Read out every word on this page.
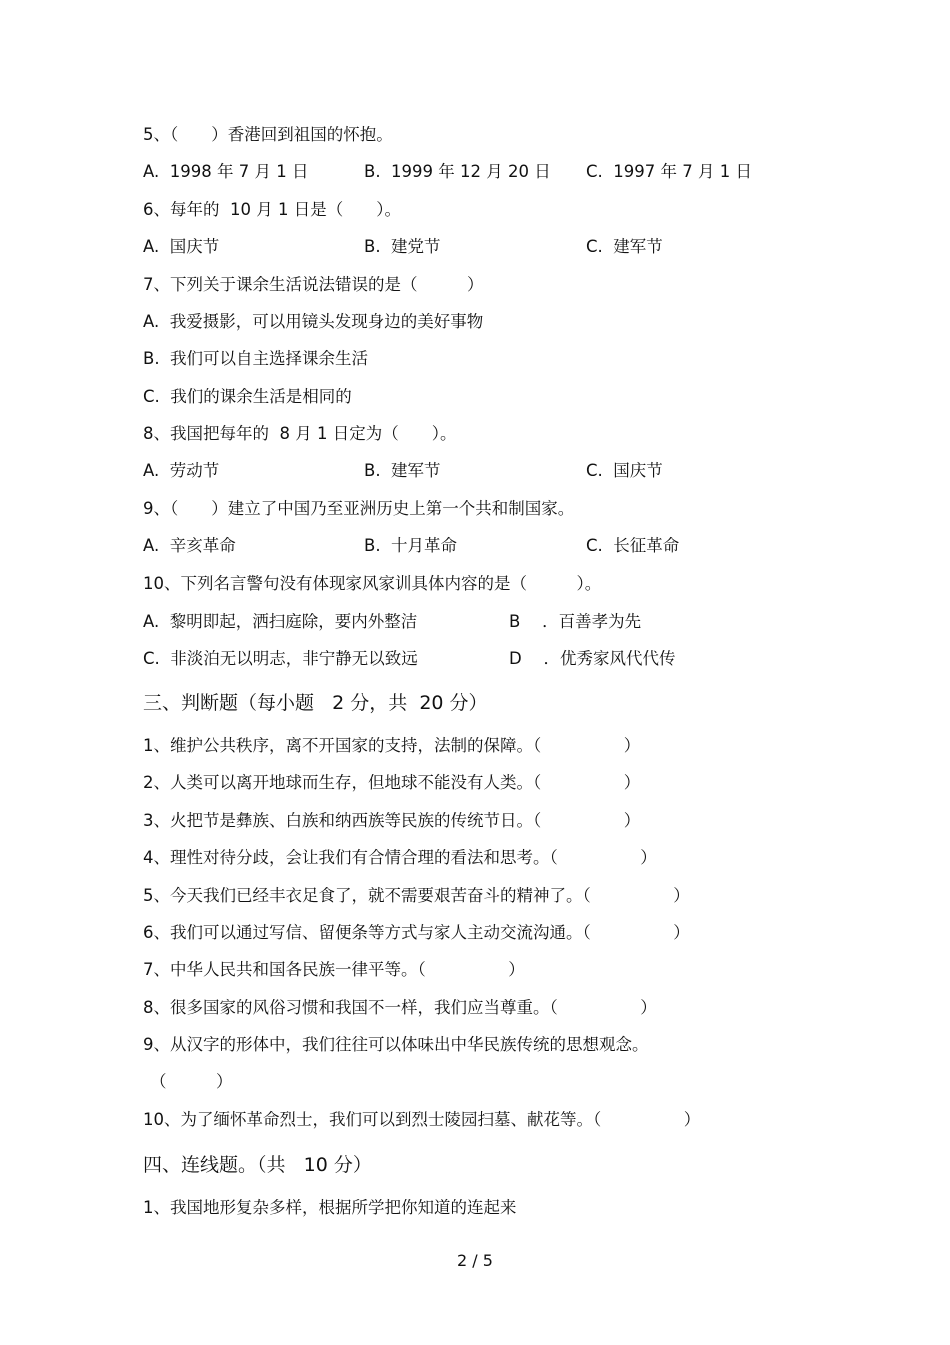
5、（　　）香港回到祖国的怀抱。
A.  1998 年 7 月 1 日	B.  1999 年 12 月 20 日 C.  1997 年 7 月 1 日
6、每年的  10 月 1 日是（　　）。
A.  国庆节	B.  建党节	C.  建军节
7、下列关于课余生活说法错误的是（　　　）
A.  我爱摄影，可以用镜头发现身边的美好事物
B.  我们可以自主选择课余生活
C.  我们的课余生活是相同的
8、我国把每年的  8 月 1 日定为（　　）。
A.  劳动节	B.  建军节	C.  国庆节
9、（　　）建立了中国乃至亚洲历史上第一个共和制国家。
A.  辛亥革命	B.  十月革命	C.  长征革命
10、下列名言警句没有体现家风家训具体内容的是（　　　）。
A.  黎明即起，洒扫庭除，要内外整洁	B　 ．百善孝为先
C.  非淡泊无以明志，非宁静无以致远	D　 ．优秀家风代代传
三、判断题（每小题   2 分，共  20 分）
1、维护公共秩序，离不开国家的支持，法制的保障。（　　　　　）
2、人类可以离开地球而生存，但地球不能没有人类。（　　　　　）
3、火把节是彝族、白族和纳西族等民族的传统节日。（　　　　　）
4、理性对待分歧，会让我们有合情合理的看法和思考。（　　　　　）
5、今天我们已经丰衣足食了，就不需要艰苦奋斗的精神了。（　　　　　）
6、我们可以通过写信、留便条等方式与家人主动交流沟通。（　　　　　）
7、中华人民共和国各民族一律平等。（　　　　　）
8、很多国家的风俗习惯和我国不一样，我们应当尊重。（　　　　　）
9、从汉字的形体中，我们往往可以体味出中华民族传统的思想观念。
（　　　）
10、为了缅怀革命烈士，我们可以到烈士陵园扫墓、献花等。（　　　　　）
四、连线题。（共   10 分）
1、我国地形复杂多样，根据所学把你知道的连起来
2 / 5
